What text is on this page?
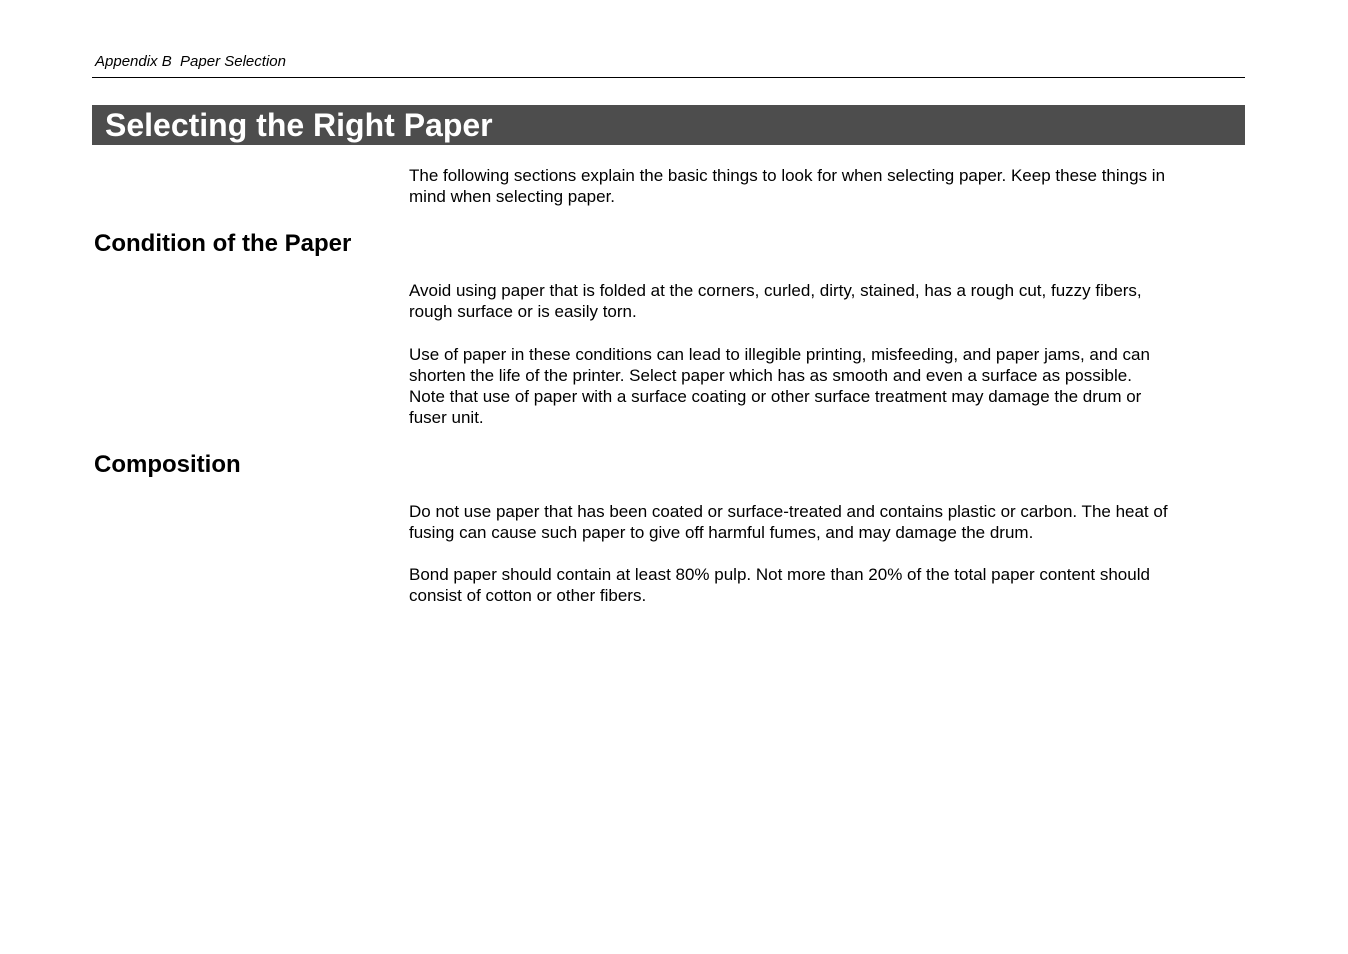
Appendix B  Paper Selection
Selecting the Right Paper
The following sections explain the basic things to look for when selecting paper. Keep these things in
mind when selecting paper.
Condition of the Paper
Avoid using paper that is folded at the corners, curled, dirty, stained, has a rough cut, fuzzy fibers,
rough surface or is easily torn.
Use of paper in these conditions can lead to illegible printing, misfeeding, and paper jams, and can
shorten the life of the printer. Select paper which has as smooth and even a surface as possible.
Note that use of paper with a surface coating or other surface treatment may damage the drum or
fuser unit.
Composition
Do not use paper that has been coated or surface-treated and contains plastic or carbon. The heat of
fusing can cause such paper to give off harmful fumes, and may damage the drum.
Bond paper should contain at least 80% pulp. Not more than 20% of the total paper content should
consist of cotton or other fibers.
